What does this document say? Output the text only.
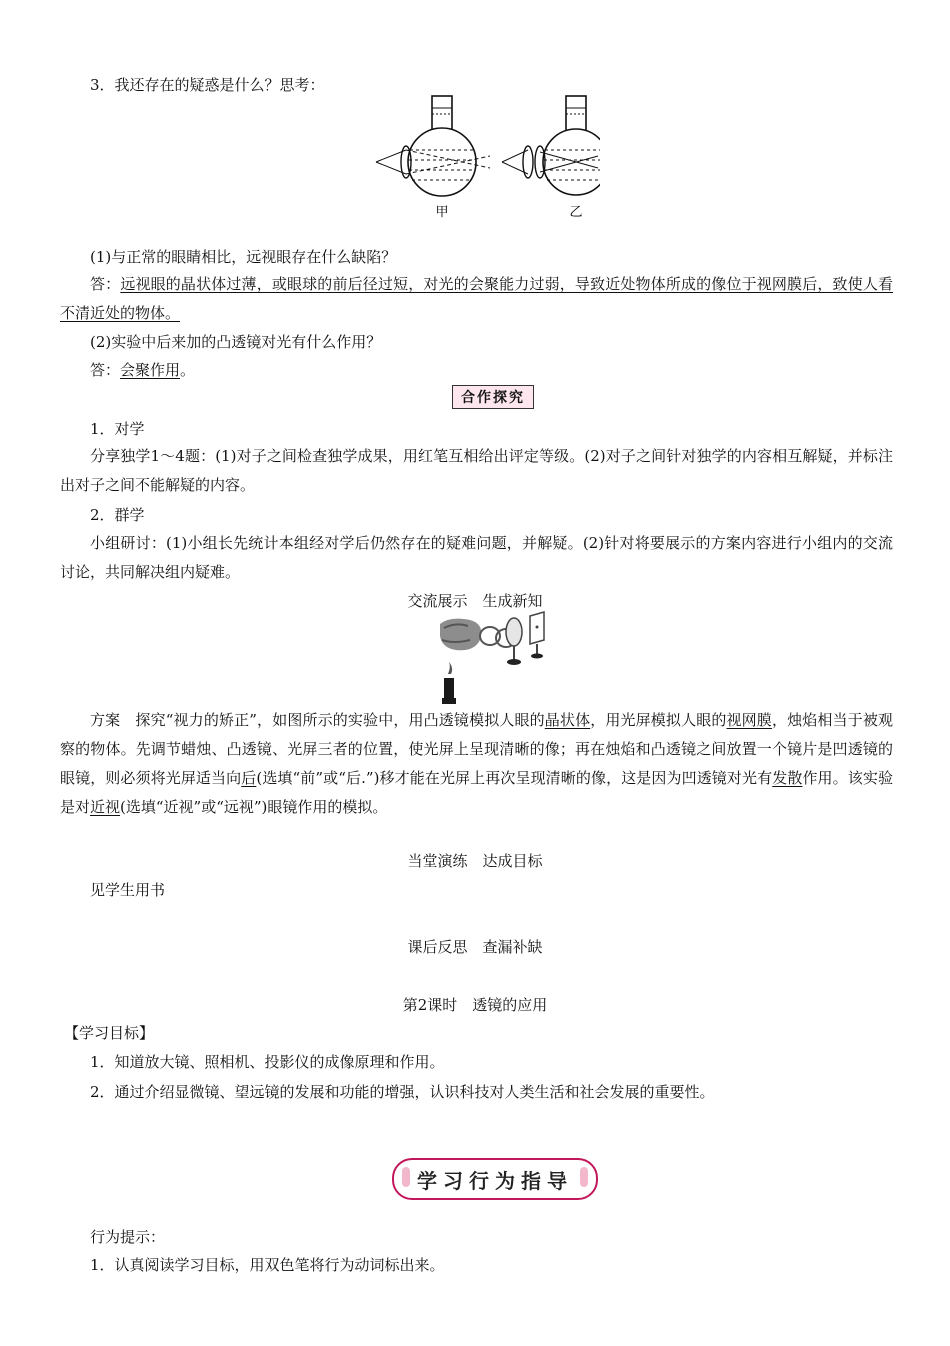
3．我还存在的疑惑是什么？思考：
甲	乙
(1)与正常的眼睛相比，远视眼存在什么缺陷？
答：远视眼的晶状体过薄，或眼球的前后径过短，对光的会聚能力过弱，导致近处物体所成的像位于视网膜后，致使人看不清近处的物体。
(2)实验中后来加的凸透镜对光有什么作用？
答：会聚作用。
合作探究
1．对学
分享独学1～4题：(1)对子之间检查独学成果，用红笔互相给出评定等级。(2)对子之间针对独学的内容相互解疑，并标注出对子之间不能解疑的内容。
2．群学
小组研讨：(1)小组长先统计本组经对学后仍然存在的疑难问题，并解疑。(2)针对将要展示的方案内容进行小组内的交流讨论，共同解决组内疑难。
交流展示　生成新知
方案　探究“视力的矫正”，如图所示的实验中，用凸透镜模拟人眼的晶状体，用光屏模拟人眼的视网膜，烛焰相当于被观察的物体。先调节蜡烛、凸透镜、光屏三者的位置，使光屏上呈现清晰的像；再在烛焰和凸透镜之间放置一个镜片是凹透镜的眼镜，则必须将光屏适当向后(选填“前”或“后.”)移才能在光屏上再次呈现清晰的像，这是因为凹透镜对光有发散作用。该实验是对近视(选填“近视”或“远视”)眼镜作用的模拟。
当堂演练　达成目标
见学生用书
课后反思　查漏补缺
第2课时　透镜的应用
【学习目标】
1．知道放大镜、照相机、投影仪的成像原理和作用。
2．通过介绍显微镜、望远镜的发展和功能的增强，认识科技对人类生活和社会发展的重要性。
学习行为指导
行为提示：
1．认真阅读学习目标，用双色笔将行为动词标出来。
